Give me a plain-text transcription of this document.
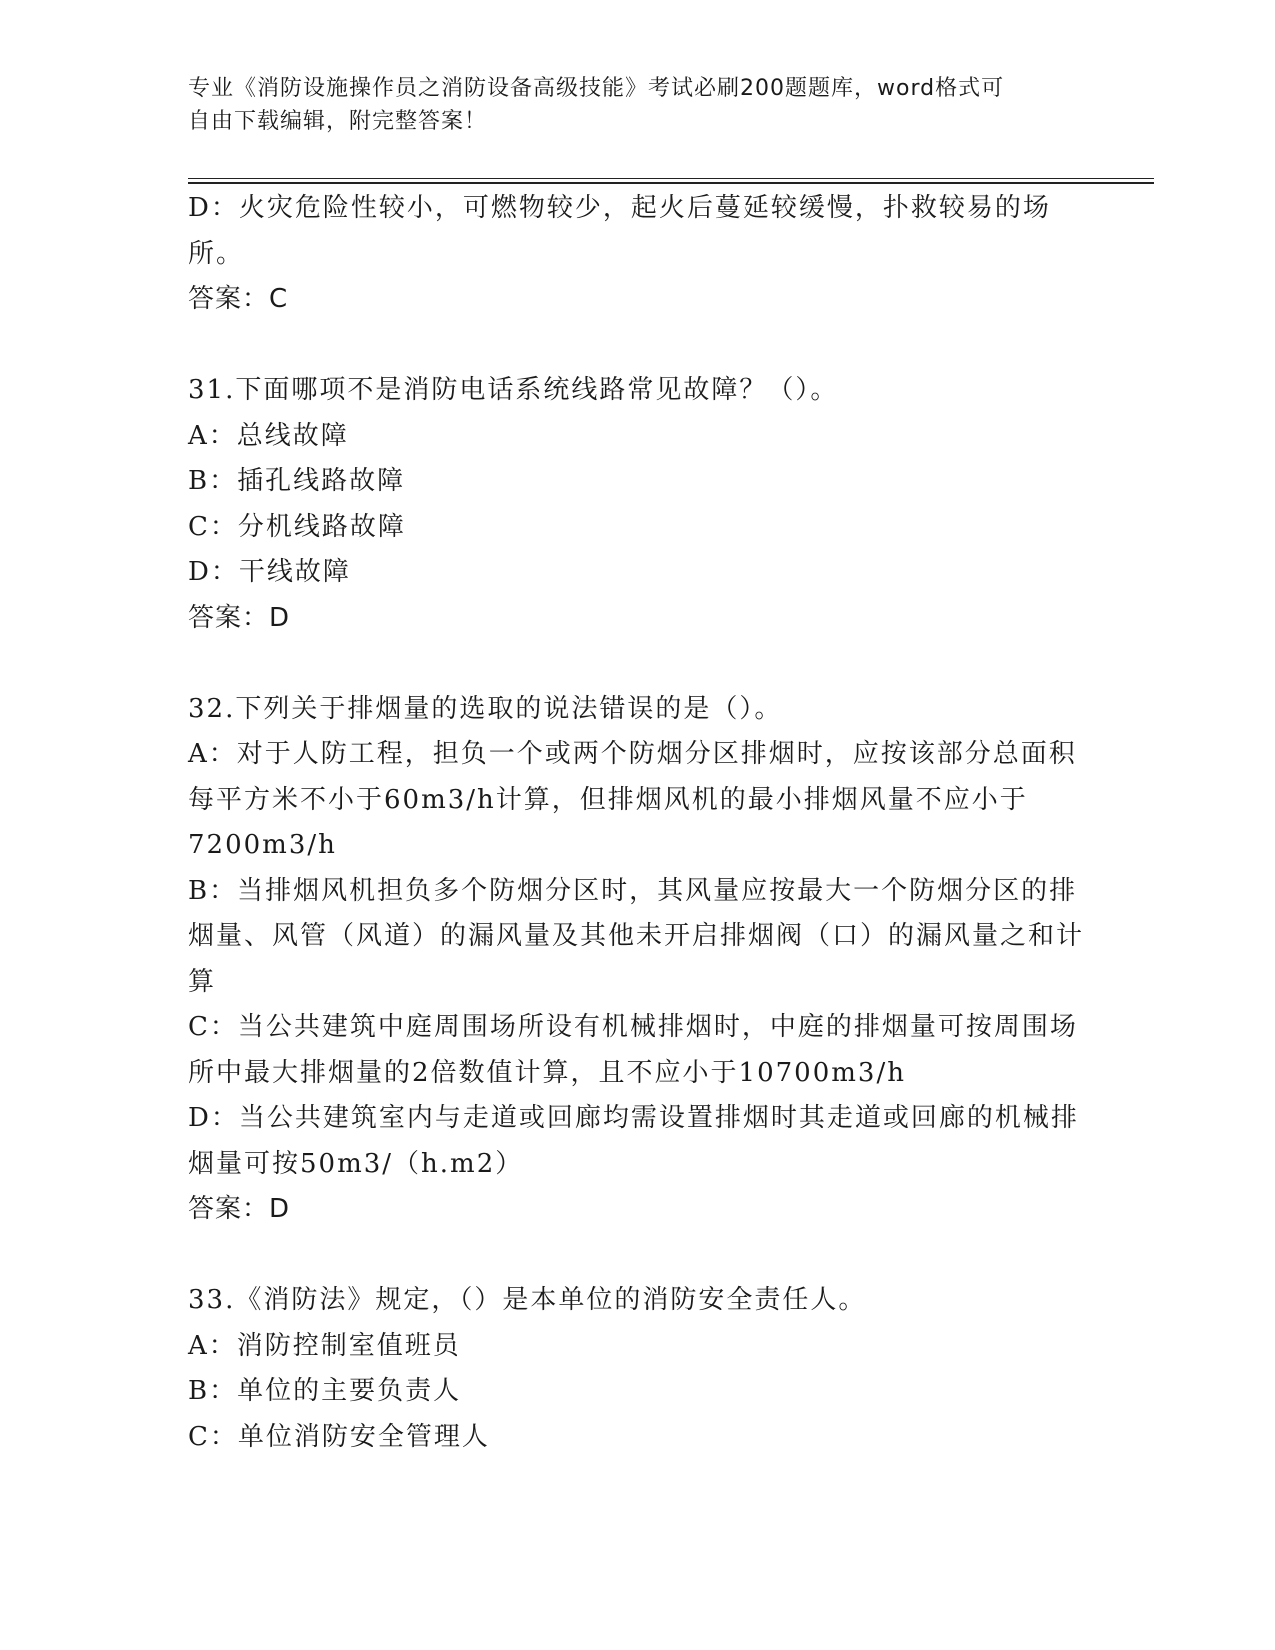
专业《消防设施操作员之消防设备高级技能》考试必刷200题题库，word格式可
自由下载编辑，附完整答案！

D：火灾危险性较小，可燃物较少，起火后蔓延较缓慢，扑救较易的场所。

答案：C

31.下面哪项不是消防电话系统线路常见故障？（）。

A：总线故障

B：插孔线路故障

C：分机线路故障

D：干线故障

答案：D

32.下列关于排烟量的选取的说法错误的是（）。

A：对于人防工程，担负一个或两个防烟分区排烟时，应按该部分总面积每平方米不小于60m3/h计算，但排烟风机的最小排烟风量不应小于7200m3/h

B：当排烟风机担负多个防烟分区时，其风量应按最大一个防烟分区的排烟量、风管（风道）的漏风量及其他未开启排烟阀（口）的漏风量之和计算

C：当公共建筑中庭周围场所设有机械排烟时，中庭的排烟量可按周围场所中最大排烟量的2倍数值计算，且不应小于10700m3/h

D：当公共建筑室内与走道或回廊均需设置排烟时其走道或回廊的机械排烟量可按50m3/（h.m2）

答案：D

33.《消防法》规定，（）是本单位的消防安全责任人。

A：消防控制室值班员

B：单位的主要负责人

C：单位消防安全管理人
